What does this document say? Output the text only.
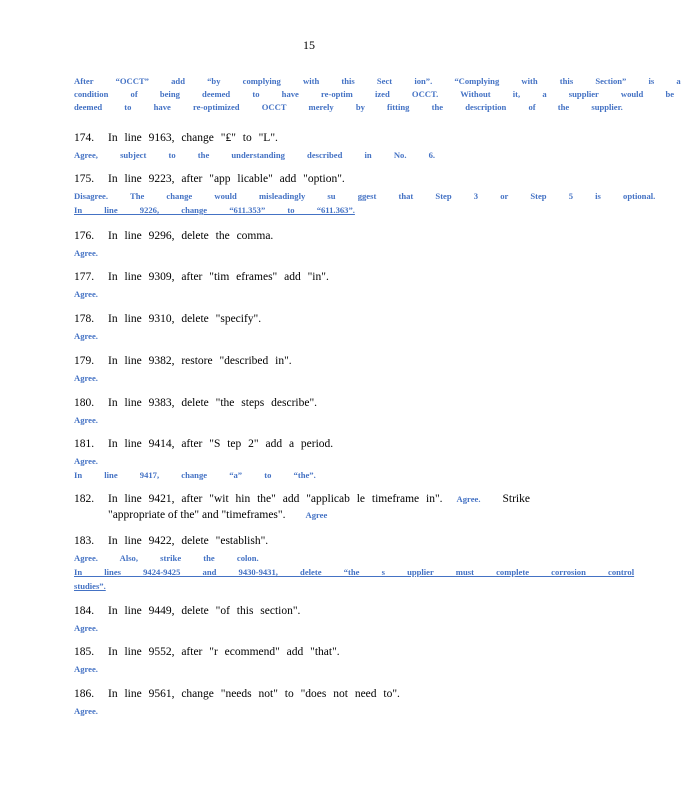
15
After “OCCT” add “by complying with this Sect ion”. “Complying with this Section” is a
condition of being deemed to have re-optim ized OCCT. Without it, a supplier would be
deemed to have re-optimized OCCT merely by fitting the description of the supplier.
174. In line 9163, change "₤" to "L".
Agree, subject to the understanding described in No. 6.
175. In line 9223, after "app licable" add "option".
Disagree. The change would misleadingly su ggest that Step 3 or Step 5 is optional.
In line 9226, change “611.353” to “611.363”.
176. In line 9296, delete the comma.
Agree.
177. In line 9309, after "tim eframes" add "in".
Agree.
178. In line 9310, delete "specify".
Agree.
179. In line 9382, restore "described in".
Agree.
180. In line 9383, delete "the steps describe".
Agree.
181. In line 9414, after "S tep 2" add a period.
Agree.
In line 9417, change “a” to “the”.
182. In line 9421, after "wit hin the" add "applicab le timeframe in". Agree. Strike
"appropriate of the" and "timeframes". Agree
183. In line 9422, delete "establish".
Agree. Also, strike the colon.
In lines 9424-9425 and 9430-9431, delete “the s upplier must complete corrosion control
studies”.
184. In line 9449, delete "of this section".
Agree.
185. In line 9552, after "r ecommend" add "that".
Agree.
186. In line 9561, change "needs not" to "does not need to".
Agree.
